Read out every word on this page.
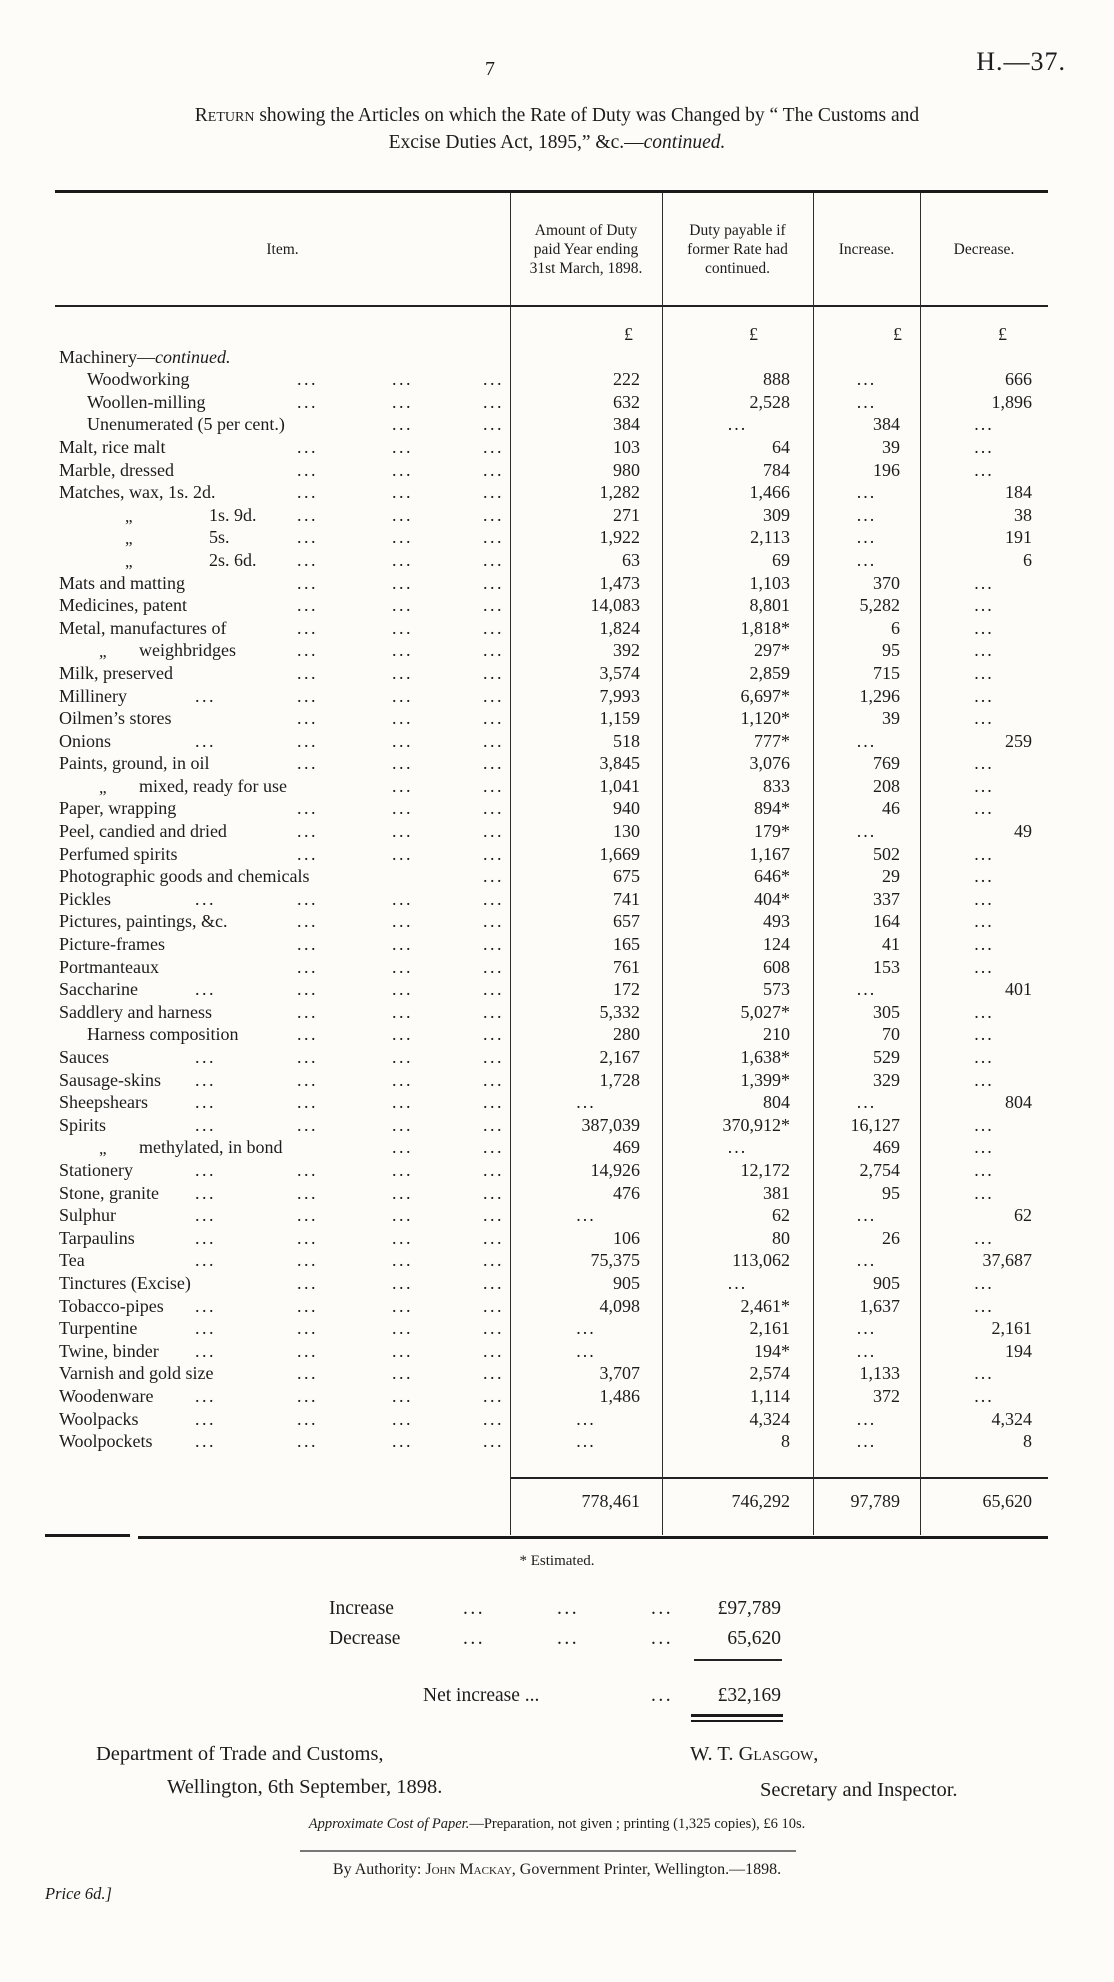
7	H.—37.
Return showing the Articles on which the Rate of Duty was Changed by “ The Customs and
Excise Duties Act, 1895,” &c.—continued.
Item.
Amount of Duty paid Year ending 31st March, 1898.
Duty payable if former Rate had continued.
Increase.	Decrease.
£	£	£	£
Machinery—continued.
Woodworking	...	...	...	222	888	...	666
Woollen-milling	...	...	...	632	2,528	...	1,896
Unenumerated (5 per cent.)	...	...	384	...	384	...
Malt, rice malt	...	...	...	103	64	39	...
Marble, dressed	...	...	...	980	784	196	...
Matches, wax, 1s. 2d.	...	...	...	1,282	1,466	...	184
„	1s. 9d. ...	...	...	271	309	...	38
„	5s.	...	...	...	1,922	2,113	...	191
„	2s. 6d. ...	...	...	63	69	...	6
Mats and matting	...	...	...	1,473	1,103	370	...
Medicines, patent	...	...	...	14,083	8,801	5,282	...
Metal, manufactures of	...	...	...	1,824	1,818*	6	...
„ weighbridges	...	...	...	392	297*	95	...
Milk, preserved	...	...	...	3,574	2,859	715	...
Millinery	...	...	...	...	7,993	6,697*	1,296	...
Oilmen’s stores	...	...	...	1,159	1,120*	39	...
Onions	...	...	...	...	518	777*	...	259
Paints, ground, in oil	...	...	...	3,845	3,076	769	...
„ mixed, ready for use	...	...	1,041	833	208	...
Paper, wrapping	...	...	...	940	894*	46	...
Peel, candied and dried	...	...	...	130	179*	...	49
Perfumed spirits	...	...	...	1,669	1,167	502	...
Photographic goods and chemicals	...	675	646*	29	...
Pickles	...	...	...	...	741	404*	337	...
Pictures, paintings, &c.	...	...	...	657	493	164	...
Picture-frames	...	...	...	165	124	41	...
Portmanteaux	...	...	...	761	608	153	...
Saccharine	...	...	...	...	172	573	...	401
Saddlery and harness	...	...	...	5,332	5,027*	305	...
Harness composition	...	...	...	280	210	70	...
Sauces	...	...	...	...	2,167	1,638*	529	...
Sausage-skins ...	...	...	...	1,728	1,399*	329	...
Sheepshears	...	...	...	...	...	804	...	804
Spirits	...	...	...	...	387,039	370,912*	16,127	...
„ methylated, in bond	...	...	469	...	469	...
Stationery	...	...	...	...	14,926	12,172	2,754	...
Stone, granite ...	...	...	...	476	381	95	...
Sulphur	...	...	...	...	...	62	...	62
Tarpaulins	...	...	...	...	106	80	26	...
Tea	...	...	...	...	75,375	113,062	...	37,687
Tinctures (Excise)	...	...	...	905	...	905	...
Tobacco-pipes ...	...	...	...	4,098	2,461*	1,637	...
Turpentine	...	...	...	...	...	2,161	...	2,161
Twine, binder ...	...	...	...	...	194*	...	194
Varnish and gold size	...	...	...	3,707	2,574	1,133	...
Woodenware ...	...	...	...	1,486	1,114	372	...
Woolpacks	...	...	...	...	...	4,324	...	4,324
Woolpockets ...	...	...	...	...	8	...	8
778,461	746,292	97,789	65,620
* Estimated.
Increase	...	...	...	£97,789
Decrease	...	...	...	65,620
Net increase ...	...	£32,169
Department of Trade and Customs,
Wellington, 6th September, 1898.
W. T. Glasgow,
Secretary and Inspector.
Approximate Cost of Paper.—Preparation, not given ; printing (1,325 copies), £6 10s.
By Authority: John Mackay, Government Printer, Wellington.—1898.
Price 6d.]
